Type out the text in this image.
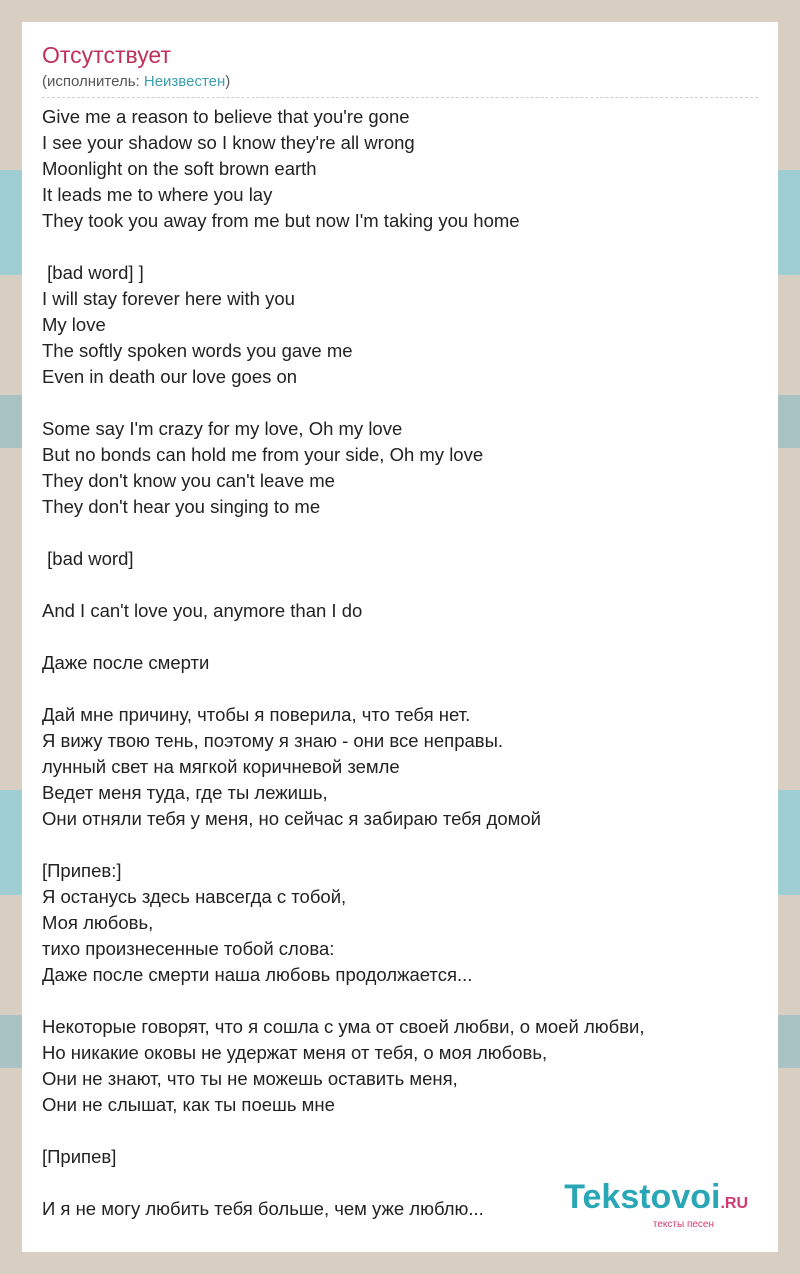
Отсутствует
(исполнитель: Неизвестен)
Give me a reason to believe that you're gone
I see your shadow so I know they're all wrong
Moonlight on the soft brown earth
It leads me to where you lay
They took you away from me but now I'm taking you home
[bad word] ]
I will stay forever here with you
My love
The softly spoken words you gave me
Even in death our love goes on
Some say I'm crazy for my love, Oh my love
But no bonds can hold me from your side, Oh my love
They don't know you can't leave me
They don't hear you singing to me
[bad word]
And I can't love you, anymore than I do
Даже после смерти
Дай мне причину, чтобы я поверила, что тебя нет.
Я вижу твою тень, поэтому я знаю - они все неправы.
лунный свет на мягкой коричневой земле
Ведет меня туда, где ты лежишь,
Они отняли тебя у меня, но сейчас я забираю тебя домой
[Припев:]
Я останусь здесь навсегда с тобой,
Моя любовь,
тихо произнесенные тобой слова:
Даже после смерти наша любовь продолжается...
Некоторые говорят, что я сошла с ума от своей любви, о моей любви,
Но никакие оковы не удержат меня от тебя, о моя любовь,
Они не знают, что ты не можешь оставить меня,
Они не слышат, как ты поешь мне
[Припев]
И я не могу любить тебя больше, чем уже люблю...	Tekstovoi.RU
тексты песен
